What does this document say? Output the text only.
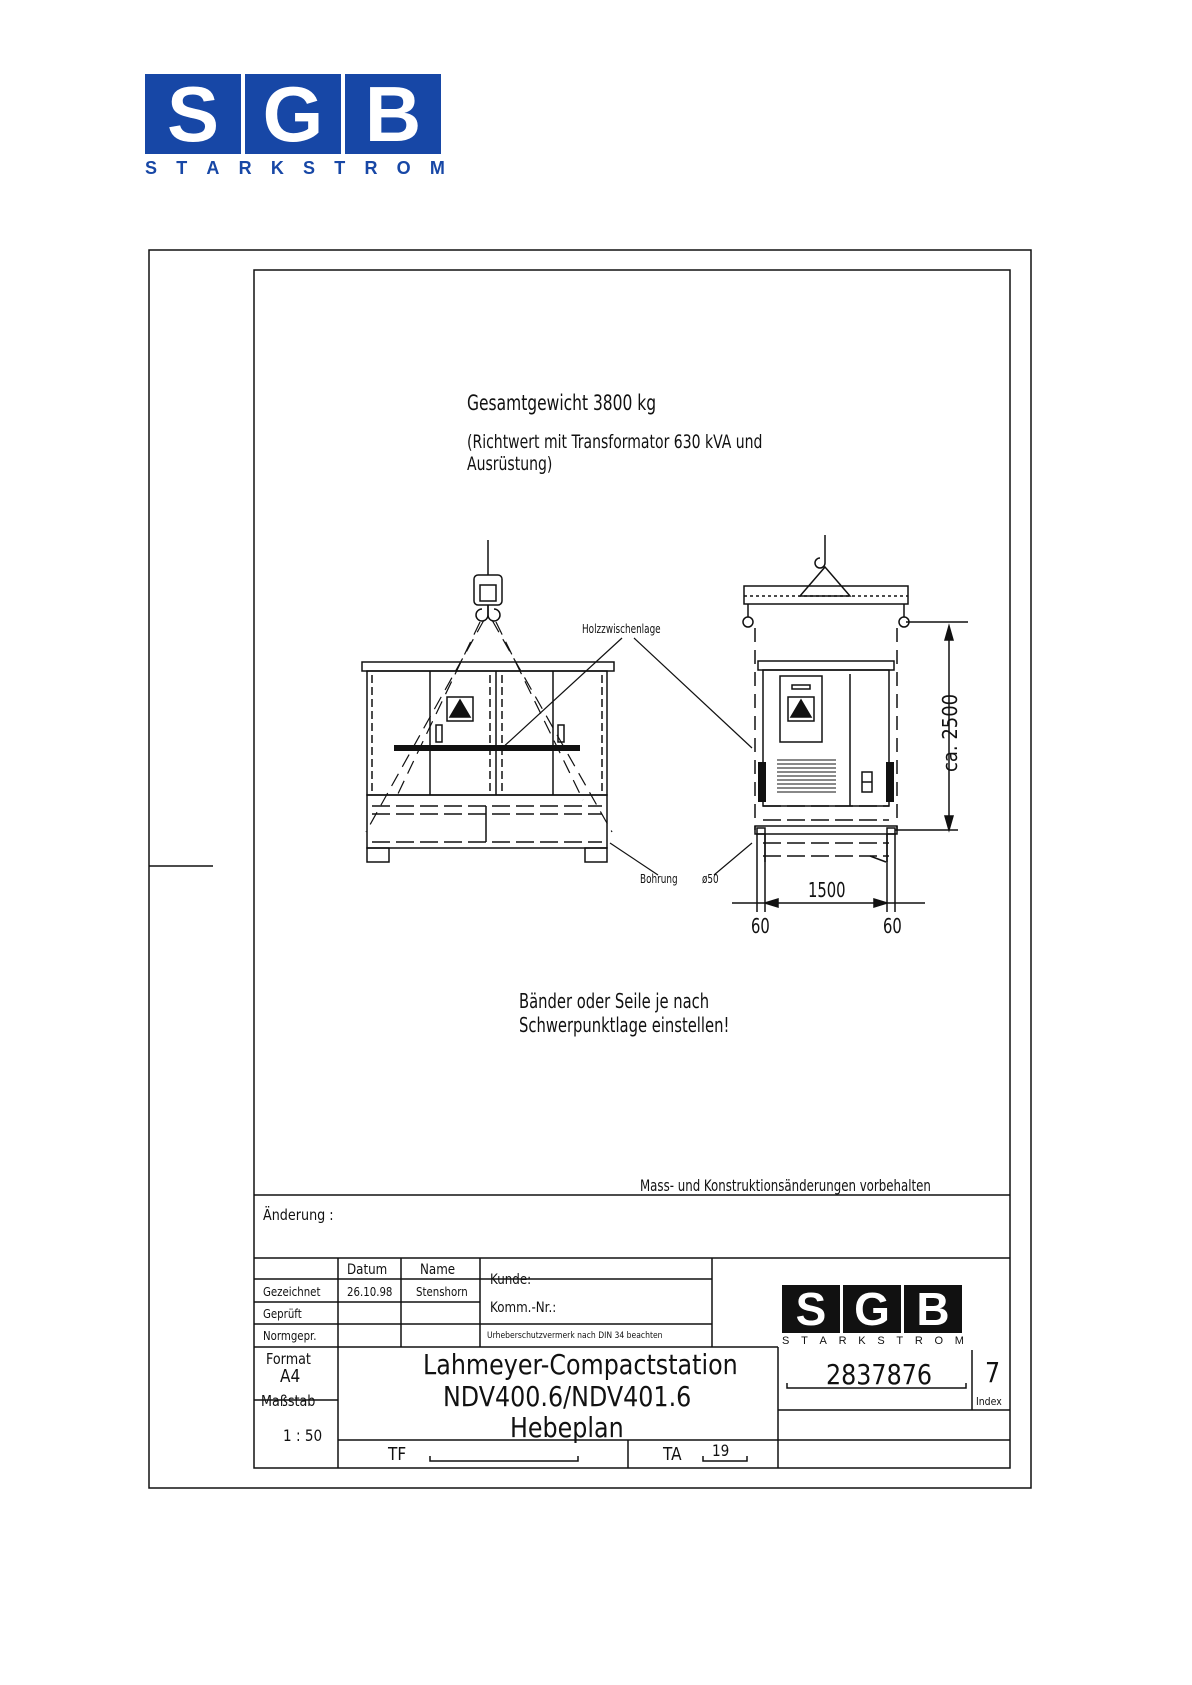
S G B
S T A R K S T R O M
Gesamtgewicht 3800 kg
(Richtwert mit Transformator 630 kVA und
Ausrüstung)
Holzzwischenlage
Bohrung ø50
ca. 2500
1500
60	60
Bänder oder Seile je nach
Schwerpunktlage einstellen!
Mass- und Konstruktionsänderungen vorbehalten
Änderung :
Datum Name
Gezeichnet 26.10.98 Stenshorn
Geprüft
Normgepr.
Kunde:
Komm.-Nr.:
Urheberschutzvermerk nach DIN 34 beachten
Format
A4
Maßstab
1 : 50
Lahmeyer-Compactstation
NDV400.6/NDV401.6
Hebeplan
2837876 7
Index
TF	TA 19
S G B
S T A R K S T R O M
